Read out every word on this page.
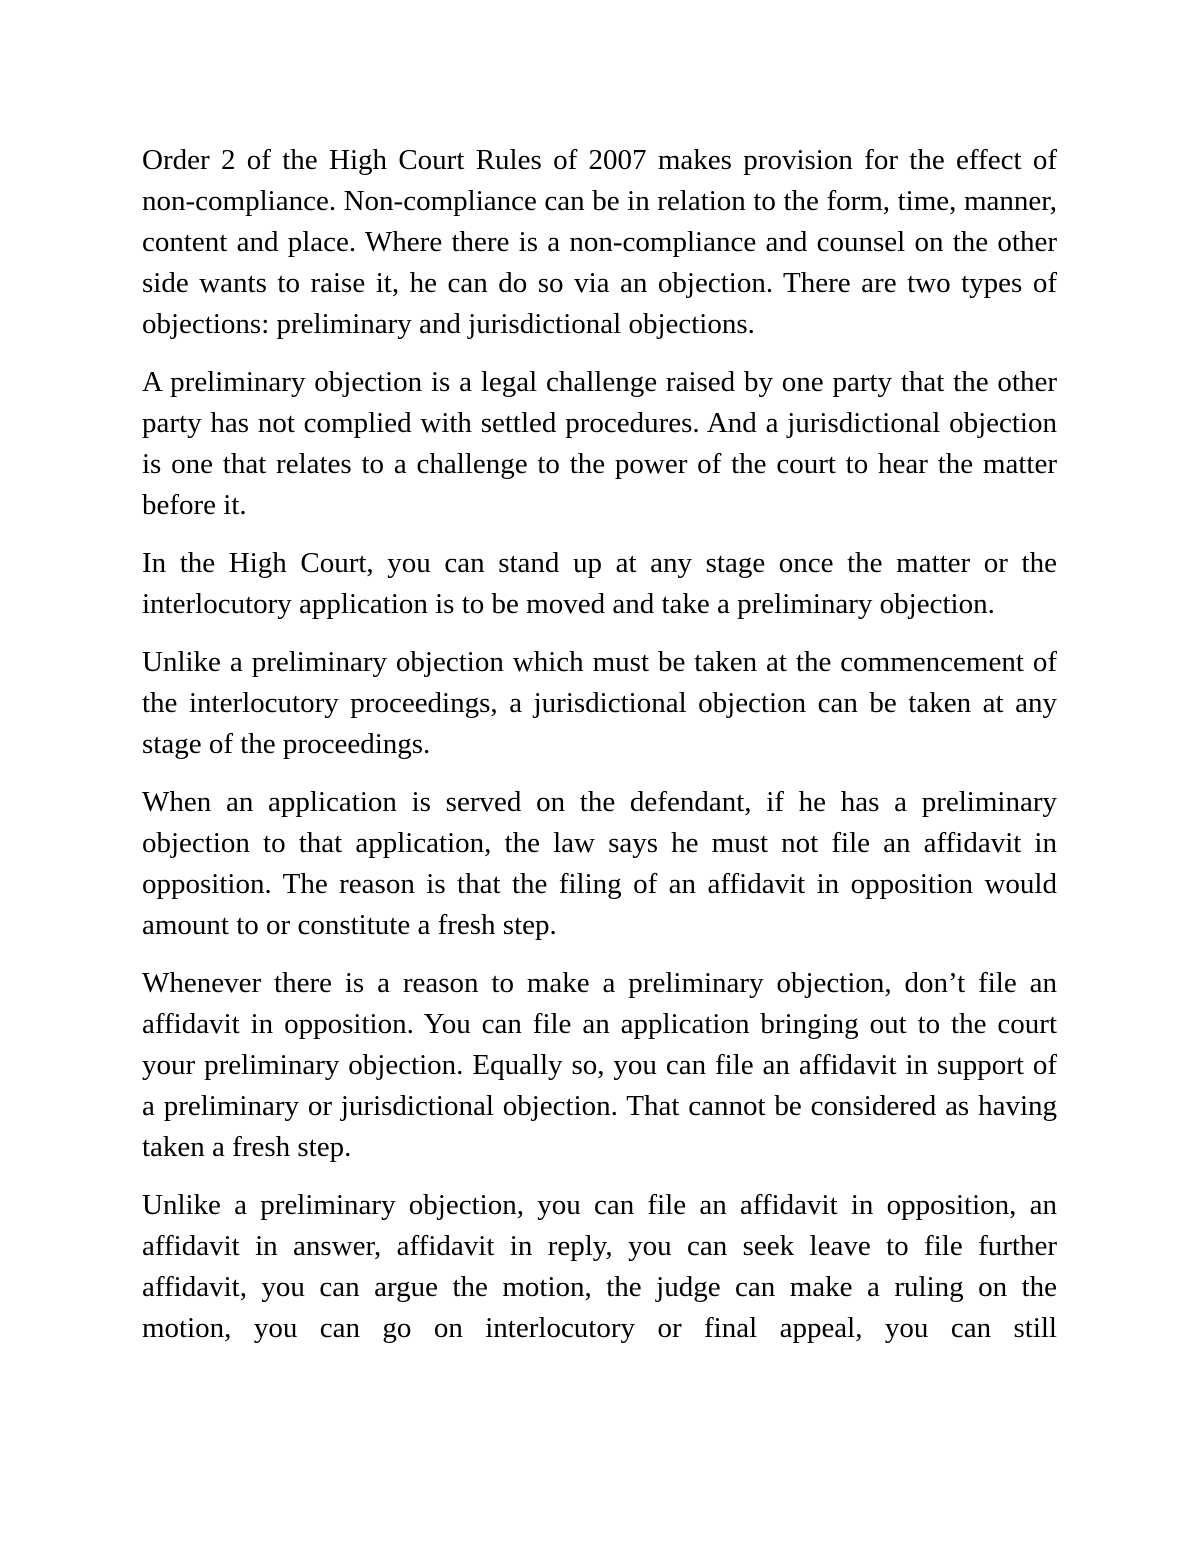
Order 2 of the High Court Rules of 2007 makes provision for the effect of non-compliance. Non-compliance can be in relation to the form, time, manner, content and place. Where there is a non-compliance and counsel on the other side wants to raise it, he can do so via an objection. There are two types of objections: preliminary and jurisdictional objections.

A preliminary objection is a legal challenge raised by one party that the other party has not complied with settled procedures. And a jurisdictional objection is one that relates to a challenge to the power of the court to hear the matter before it.

In the High Court, you can stand up at any stage once the matter or the interlocutory application is to be moved and take a preliminary objection.

Unlike a preliminary objection which must be taken at the commencement of the interlocutory proceedings, a jurisdictional objection can be taken at any stage of the proceedings.

When an application is served on the defendant, if he has a preliminary objection to that application, the law says he must not file an affidavit in opposition. The reason is that the filing of an affidavit in opposition would amount to or constitute a fresh step.

Whenever there is a reason to make a preliminary objection, don’t file an affidavit in opposition. You can file an application bringing out to the court your preliminary objection. Equally so, you can file an affidavit in support of a preliminary or jurisdictional objection. That cannot be considered as having taken a fresh step.

Unlike a preliminary objection, you can file an affidavit in opposition, an affidavit in answer, affidavit in reply, you can seek leave to file further affidavit, you can argue the motion, the judge can make a ruling on the motion, you can go on interlocutory or final appeal, you can still
